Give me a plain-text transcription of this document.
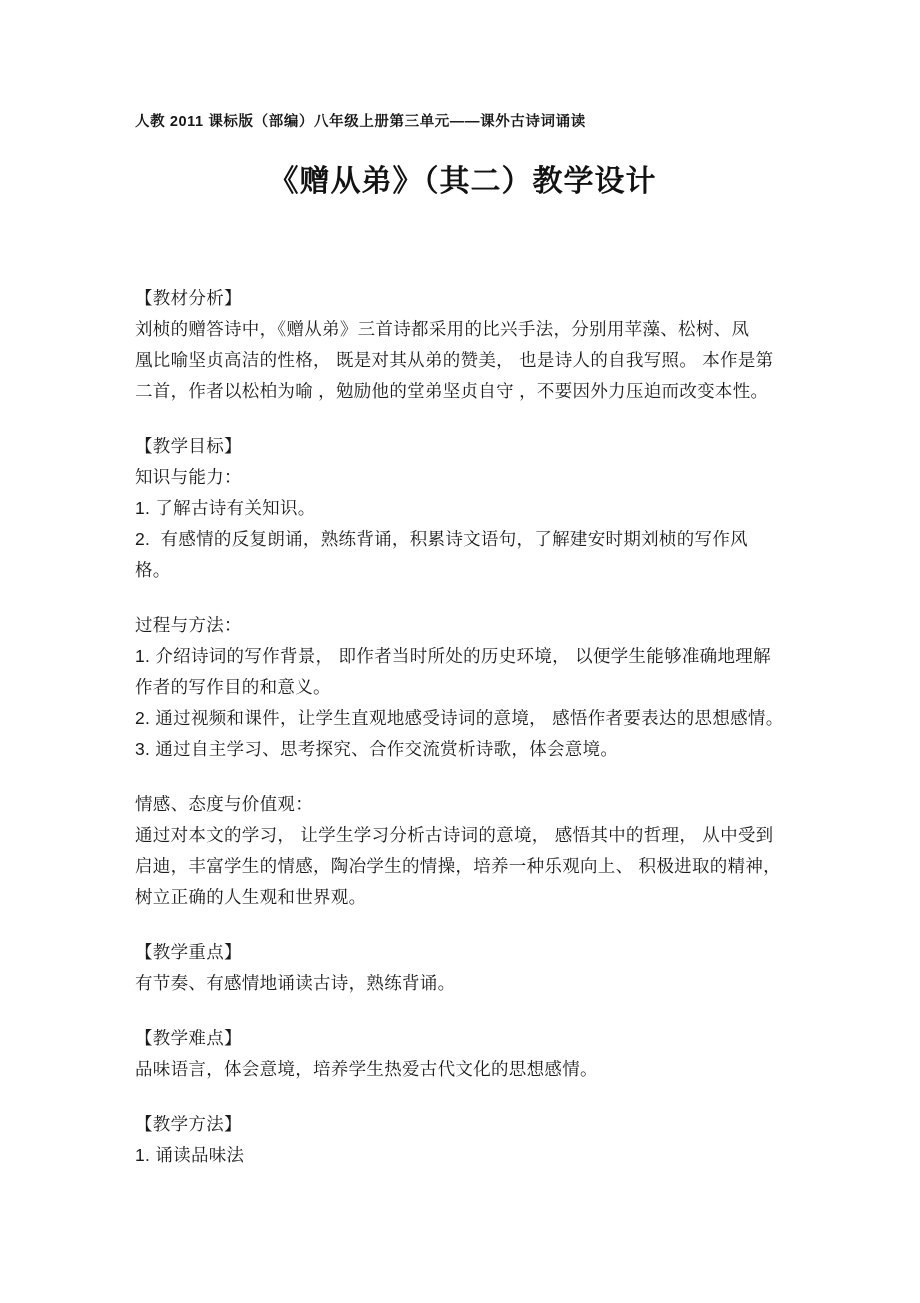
人教 2011 课标版（部编）八年级上册第三单元——课外古诗词诵读

《赠从弟》（其二）教学设计

【教材分析】

刘桢的赠答诗中，《赠从弟》三首诗都采用的比兴手法，分别用苹藻、松树、凤

凰比喻坚贞高洁的性格， 既是对其从弟的赞美， 也是诗人的自我写照。 本作是第

二首，作者以松柏为喻 ，勉励他的堂弟坚贞自守 ，不要因外力压迫而改变本性。

【教学目标】

知识与能力：

1. 了解古诗有关知识。

2.  有感情的反复朗诵，熟练背诵，积累诗文语句，了解建安时期刘桢的写作风

格。

过程与方法：

1. 介绍诗词的写作背景， 即作者当时所处的历史环境， 以便学生能够准确地理解

作者的写作目的和意义。

2. 通过视频和课件，让学生直观地感受诗词的意境， 感悟作者要表达的思想感情。

3. 通过自主学习、思考探究、合作交流赏析诗歌，体会意境。

情感、态度与价值观：

通过对本文的学习， 让学生学习分析古诗词的意境， 感悟其中的哲理， 从中受到

启迪，丰富学生的情感，陶冶学生的情操，培养一种乐观向上、 积极进取的精神，

树立正确的人生观和世界观。

【教学重点】

有节奏、有感情地诵读古诗，熟练背诵。

【教学难点】

品味语言，体会意境，培养学生热爱古代文化的思想感情。

【教学方法】

1. 诵读品味法
